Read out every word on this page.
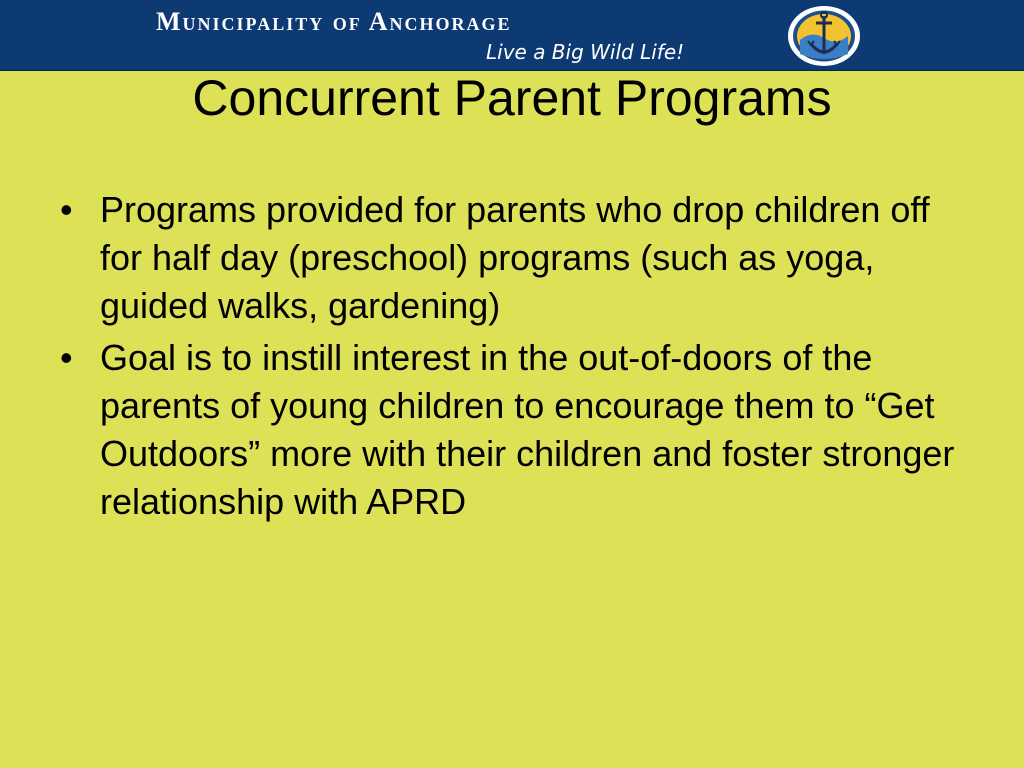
Municipality of Anchorage
Live a Big Wild Life!
Concurrent Parent Programs
• Programs provided for parents who drop children off for half day (preschool) programs (such as yoga, guided walks, gardening)
• Goal is to instill interest in the out-of-doors of the parents of young children to encourage them to “Get Outdoors” more with their children and foster stronger relationship with APRD
